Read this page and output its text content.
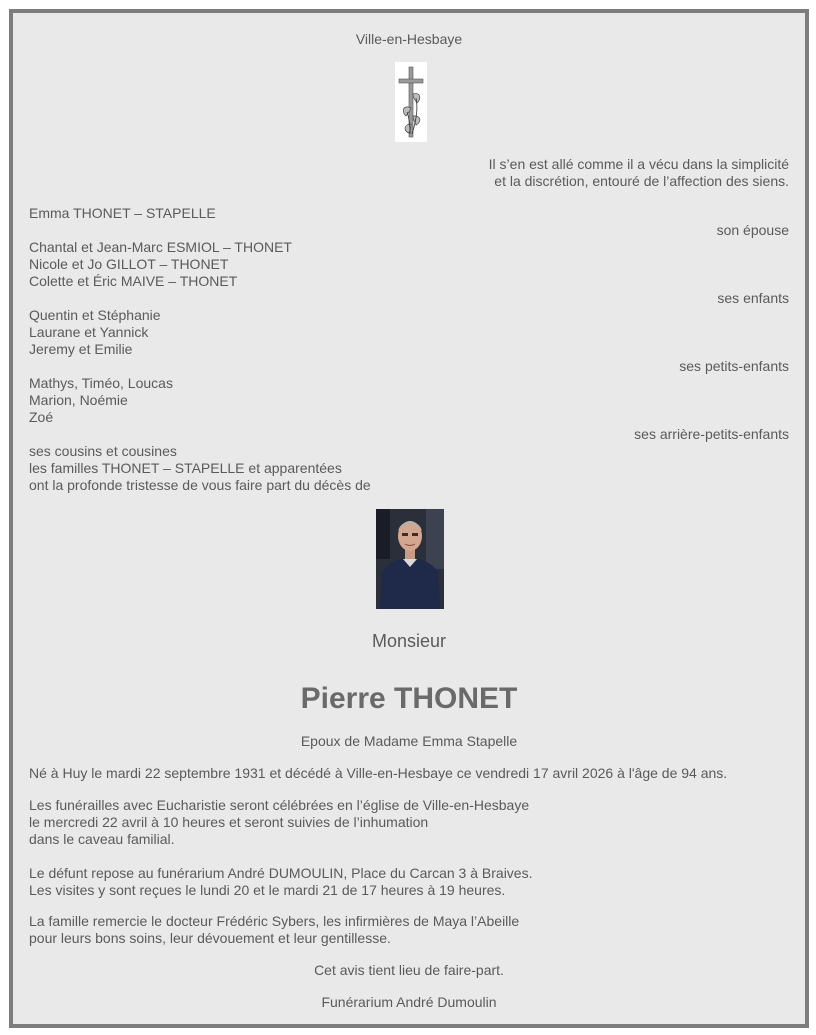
Ville-en-Hesbaye
Il s’en est allé comme il a vécu dans la simplicité
et la discrétion, entouré de l’affection des siens.
Emma THONET – STAPELLE
son épouse
Chantal et Jean-Marc ESMIOL – THONET
Nicole et Jo GILLOT – THONET
Colette et Éric MAIVE – THONET
ses enfants
Quentin et Stéphanie
Laurane et Yannick
Jeremy et Emilie
ses petits-enfants
Mathys, Timéo, Loucas
Marion, Noémie
Zoé
ses arrière-petits-enfants
ses cousins et cousines
les familles THONET – STAPELLE et apparentées
ont la profonde tristesse de vous faire part du décès de
Monsieur
Pierre THONET
Epoux de Madame Emma Stapelle
Né à Huy le mardi 22 septembre 1931 et décédé à Ville-en-Hesbaye ce vendredi 17 avril 2026 à l'âge de 94 ans.
Les funérailles avec Eucharistie seront célébrées en l’église de Ville-en-Hesbaye
le mercredi 22 avril à 10 heures et seront suivies de l’inhumation
dans le caveau familial.
Le défunt repose au funérarium André DUMOULIN, Place du Carcan 3 à Braives.
Les visites y sont reçues le lundi 20 et le mardi 21 de 17 heures à 19 heures.
La famille remercie le docteur Frédéric Sybers, les infirmières de Maya l’Abeille
pour leurs bons soins, leur dévouement et leur gentillesse.
Cet avis tient lieu de faire-part.
Funérarium André Dumoulin
